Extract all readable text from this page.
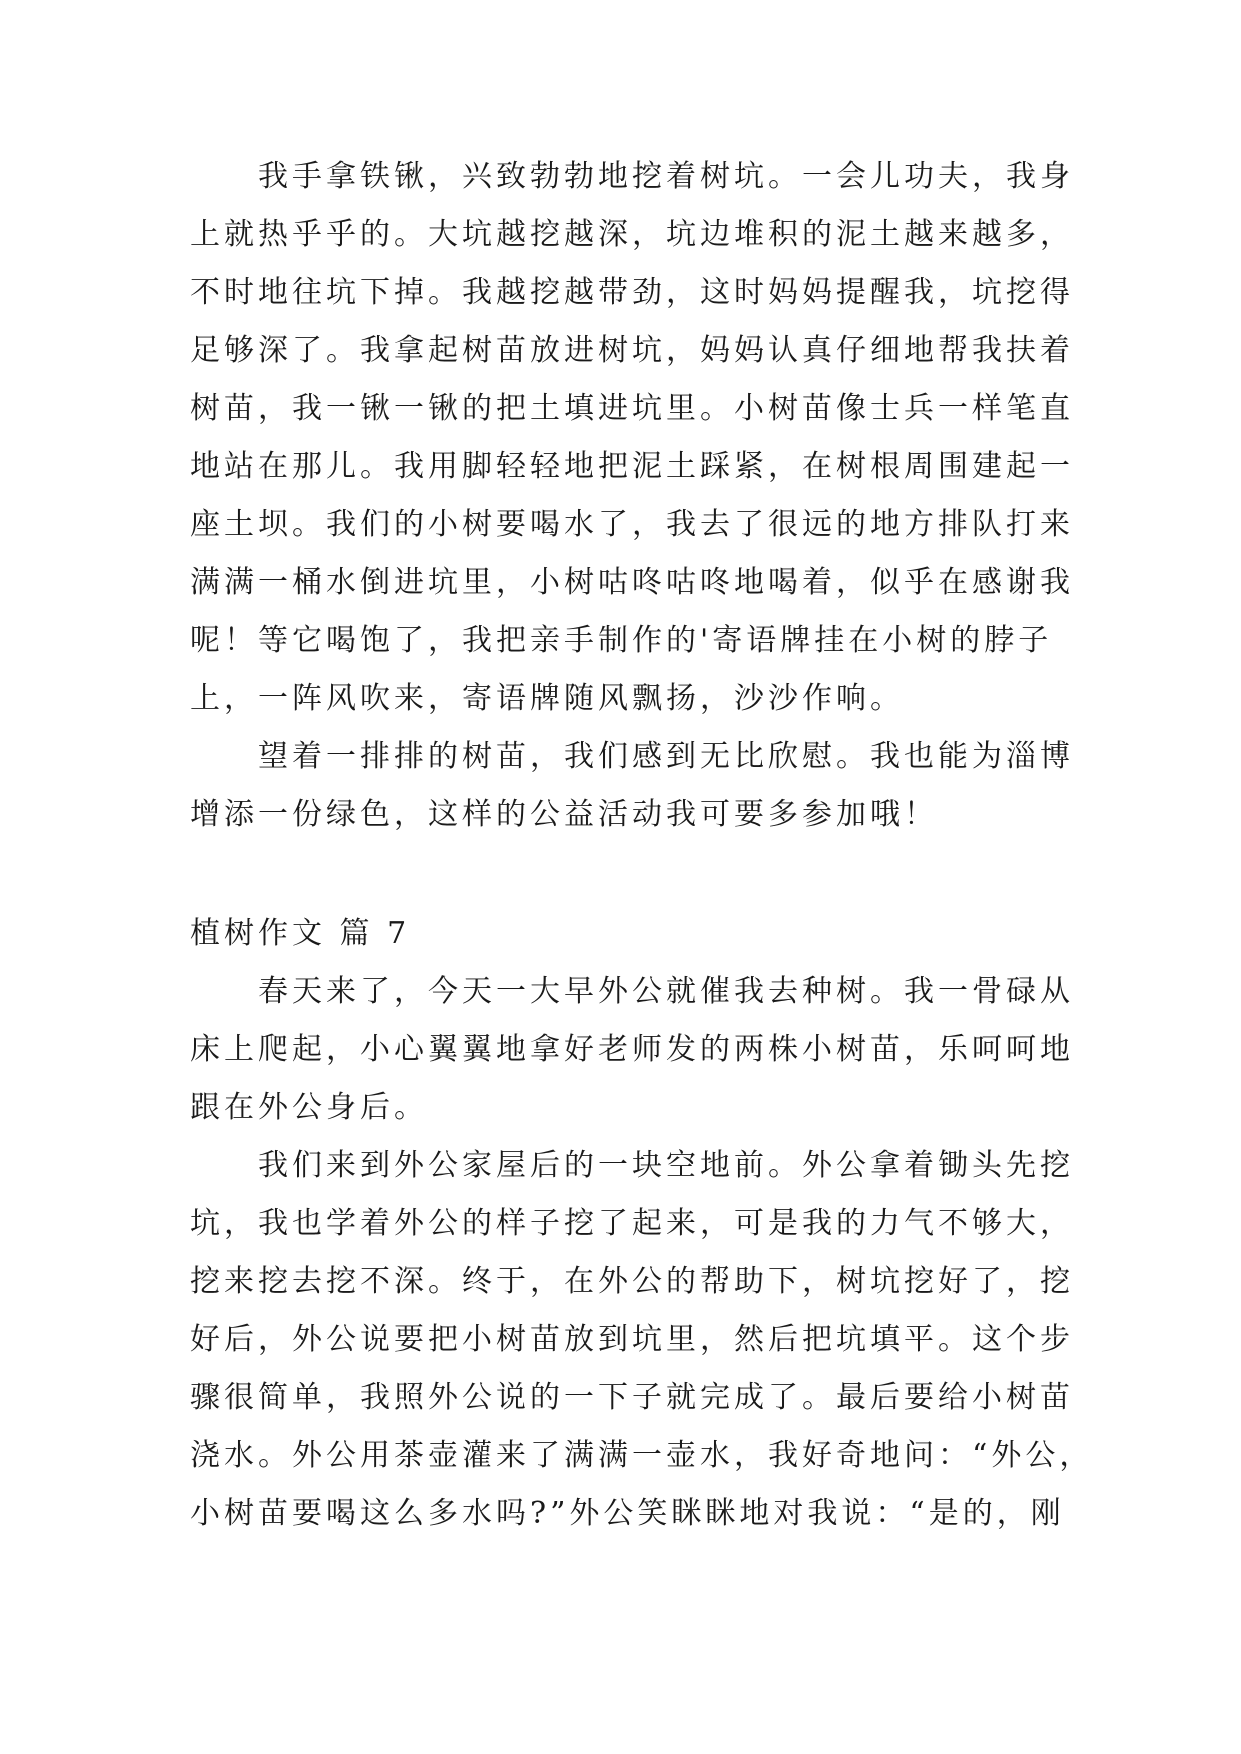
我手拿铁锹，兴致勃勃地挖着树坑。一会儿功夫，我身
上就热乎乎的。大坑越挖越深，坑边堆积的泥土越来越多，
不时地往坑下掉。我越挖越带劲，这时妈妈提醒我，坑挖得
足够深了。我拿起树苗放进树坑，妈妈认真仔细地帮我扶着
树苗，我一锹一锹的把土填进坑里。小树苗像士兵一样笔直
地站在那儿。我用脚轻轻地把泥土踩紧，在树根周围建起一
座土坝。我们的小树要喝水了，我去了很远的地方排队打来
满满一桶水倒进坑里，小树咕咚咕咚地喝着，似乎在感谢我
呢！等它喝饱了，我把亲手制作的'寄语牌挂在小树的脖子
上，一阵风吹来，寄语牌随风飘扬，沙沙作响。
望着一排排的树苗，我们感到无比欣慰。我也能为淄博
增添一份绿色，这样的公益活动我可要多参加哦！
植树作文 篇 7
春天来了，今天一大早外公就催我去种树。我一骨碌从
床上爬起，小心翼翼地拿好老师发的两株小树苗，乐呵呵地
跟在外公身后。
我们来到外公家屋后的一块空地前。外公拿着锄头先挖
坑，我也学着外公的样子挖了起来，可是我的力气不够大，
挖来挖去挖不深。终于，在外公的帮助下，树坑挖好了，挖
好后，外公说要把小树苗放到坑里，然后把坑填平。这个步
骤很简单，我照外公说的一下子就完成了。最后要给小树苗
浇水。外公用茶壶灌来了满满一壶水，我好奇地问：“外公，
小树苗要喝这么多水吗?”外公笑眯眯地对我说：“是的，刚
